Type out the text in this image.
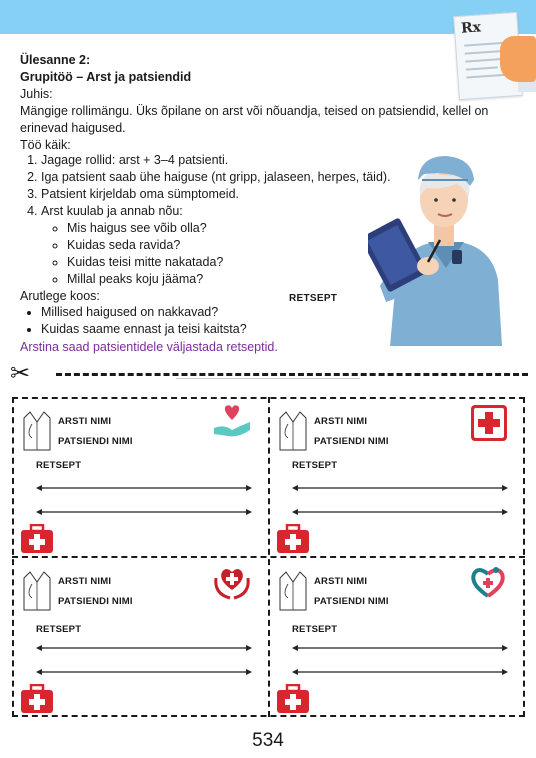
Rx
Ülesanne 2:
Grupitöö – Arst ja patsiendid
Juhis:
Mängige rollimängu. Üks õpilane on arst või nõuandja, teised on patsiendid, kellel on erinevad haigused.
Töö käik:
1. Jagage rollid: arst + 3–4 patsienti.
2. Iga patsient saab ühe haiguse (nt gripp, jalaseen, herpes, täid).
3. Patsient kirjeldab oma sümptomeid.
4. Arst kuulab ja annab nõu:
◦ Mis haigus see võib olla?
◦ Kuidas seda ravida?
◦ Kuidas teisi mitte nakatada?
◦ Millal peaks koju jääma?
Arutlege koos:
• Millised haigused on nakkavad?
• Kuidas saame ennast ja teisi kaitsta?
Arstina saad patsientidele väljastada retseptid.
RETSEPT
✂
ARSTI NIMI
PATSIENDI NIMI
RETSEPT
ARSTI NIMI
PATSIENDI NIMI
RETSEPT
ARSTI NIMI
PATSIENDI NIMI
RETSEPT
ARSTI NIMI
PATSIENDI NIMI
RETSEPT
534
